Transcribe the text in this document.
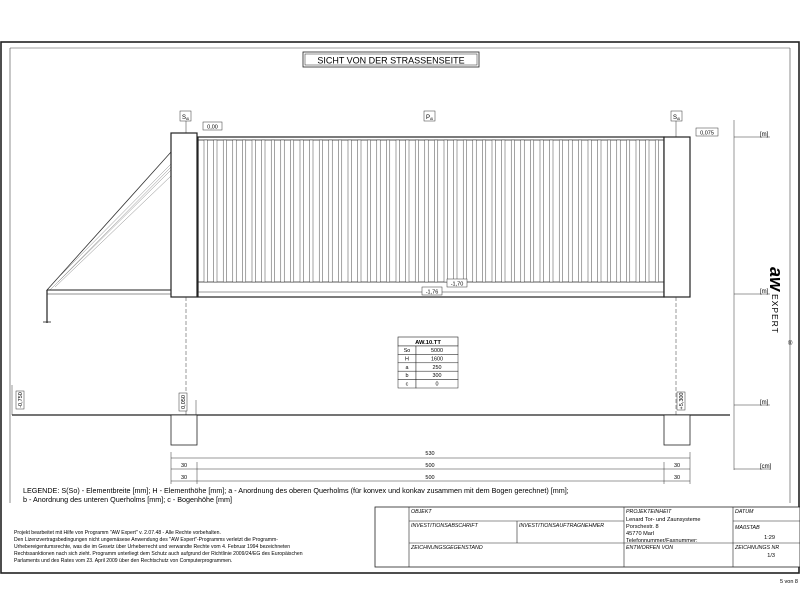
SICHT VON DER STRASSENSEITE
S Al	P Al	S Al
0,00
0,075
-1,70
-1,76
[m]
[m]
[m]
[cm]
aw
EXPERT
®
AW.10.TT
So	5000
H	1600
a	250
b	300
c	0
-0,750	0,050	+5,300
530
30	500	30
30	500	30
LEGENDE: S(So) - Elementbreite [mm]; H - Elementhöhe [mm]; a - Anordnung des oberen Querholms (für konvex und konkav zusammen mit dem Bogen gerechnet) [mm];
b - Anordnung des unteren Querholms [mm]; c - Bogenhöhe [mm]
Projekt bearbeitet mit Hilfe von Programm "AW Expert" v. 2.07.48 - Alle Rechte vorbehalten.
Den Lizenzvertragsbedingungen nicht ungemäsese Anwendung des "AW Expert"-Programms verletzt die Programm-
Urhebereigentumsrechte, was die im Gesetz über Urheberrecht und verwandte Rechte vom 4. Februar 1994 bezeichneten
Rechtssanktionen nach sich zieht. Programm unterliegt dem Schutz auch aufgrund der Richtlinie 2009/24/EG des Europäischen
Parlaments und des Rates vom 23. April 2009 über den Rechtschutz von Computerprogrammen.
OBJEKT	PROJEKTEINHEIT	DATUM
INVESTITIONSABSCHRIFT	INVESTITIONSAUFTRAGNEHMER
Lenard Tor- und Zaunsysteme
Porschestr. 8
45770 Marl
Telefonnummer/Faxnummer:
MAßSTAB
1:29
ZEICHNUNGSGEGENSTAND	ENTWORFEN VON	ZEICHNUNGS NR
1/3
5 von 8
